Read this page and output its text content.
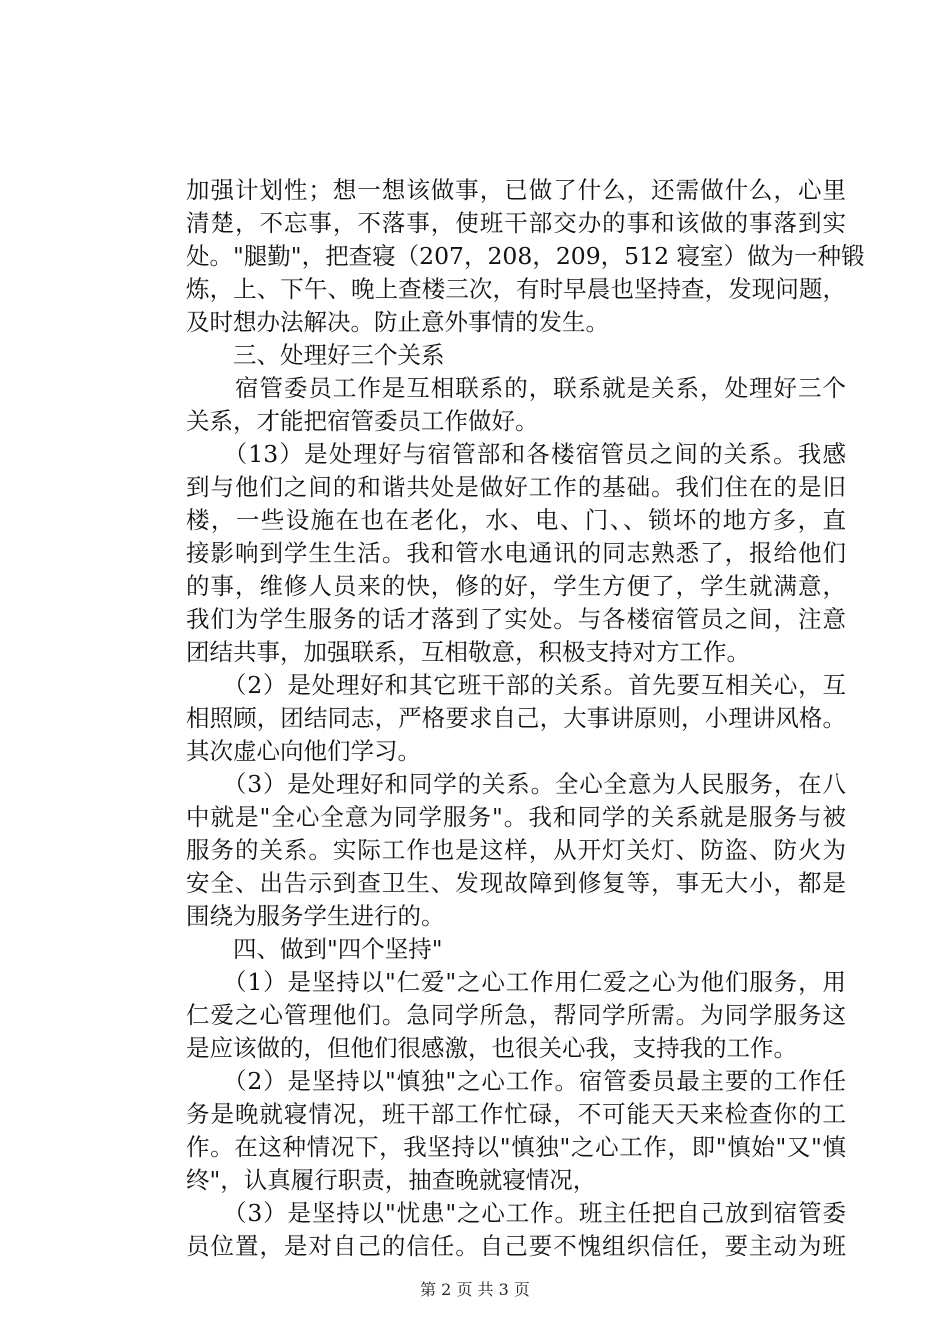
加强计划性；想一想该做事，已做了什么，还需做什么，心里
清楚，不忘事，不落事，使班干部交办的事和该做的事落到实
处。"腿勤"，把查寝（207，208，209，512 寝室）做为一种锻
炼，上、下午、晚上查楼三次，有时早晨也坚持查，发现问题，
及时想办法解决。防止意外事情的发生。
　　三、处理好三个关系
　　宿管委员工作是互相联系的，联系就是关系，处理好三个
关系，才能把宿管委员工作做好。
　　（13）是处理好与宿管部和各楼宿管员之间的关系。我感
到与他们之间的和谐共处是做好工作的基础。我们住在的是旧
楼，一些设施在也在老化，水、电、门、、锁坏的地方多，直
接影响到学生生活。我和管水电通讯的同志熟悉了，报给他们
的事，维修人员来的快，修的好，学生方便了，学生就满意，
我们为学生服务的话才落到了实处。与各楼宿管员之间，注意
团结共事，加强联系，互相敬意，积极支持对方工作。
　　（2）是处理好和其它班干部的关系。首先要互相关心，互
相照顾，团结同志，严格要求自己，大事讲原则，小理讲风格。
其次虚心向他们学习。
　　（3）是处理好和同学的关系。全心全意为人民服务，在八
中就是"全心全意为同学服务"。我和同学的关系就是服务与被
服务的关系。实际工作也是这样，从开灯关灯、防盗、防火为
安全、出告示到查卫生、发现故障到修复等，事无大小，都是
围绕为服务学生进行的。
　　四、做到"四个坚持"
　　（1）是坚持以"仁爱"之心工作用仁爱之心为他们服务，用
仁爱之心管理他们。急同学所急，帮同学所需。为同学服务这
是应该做的，但他们很感激，也很关心我，支持我的工作。
　　（2）是坚持以"慎独"之心工作。宿管委员最主要的工作任
务是晚就寝情况，班干部工作忙碌，不可能天天来检查你的工
作。在这种情况下，我坚持以"慎独"之心工作，即"慎始"又"慎
终"，认真履行职责，抽查晚就寝情况，
　　（3）是坚持以"忧患"之心工作。班主任把自己放到宿管委
员位置，是对自己的信任。自己要不愧组织信任，要主动为班
第 2 页 共 3 页
